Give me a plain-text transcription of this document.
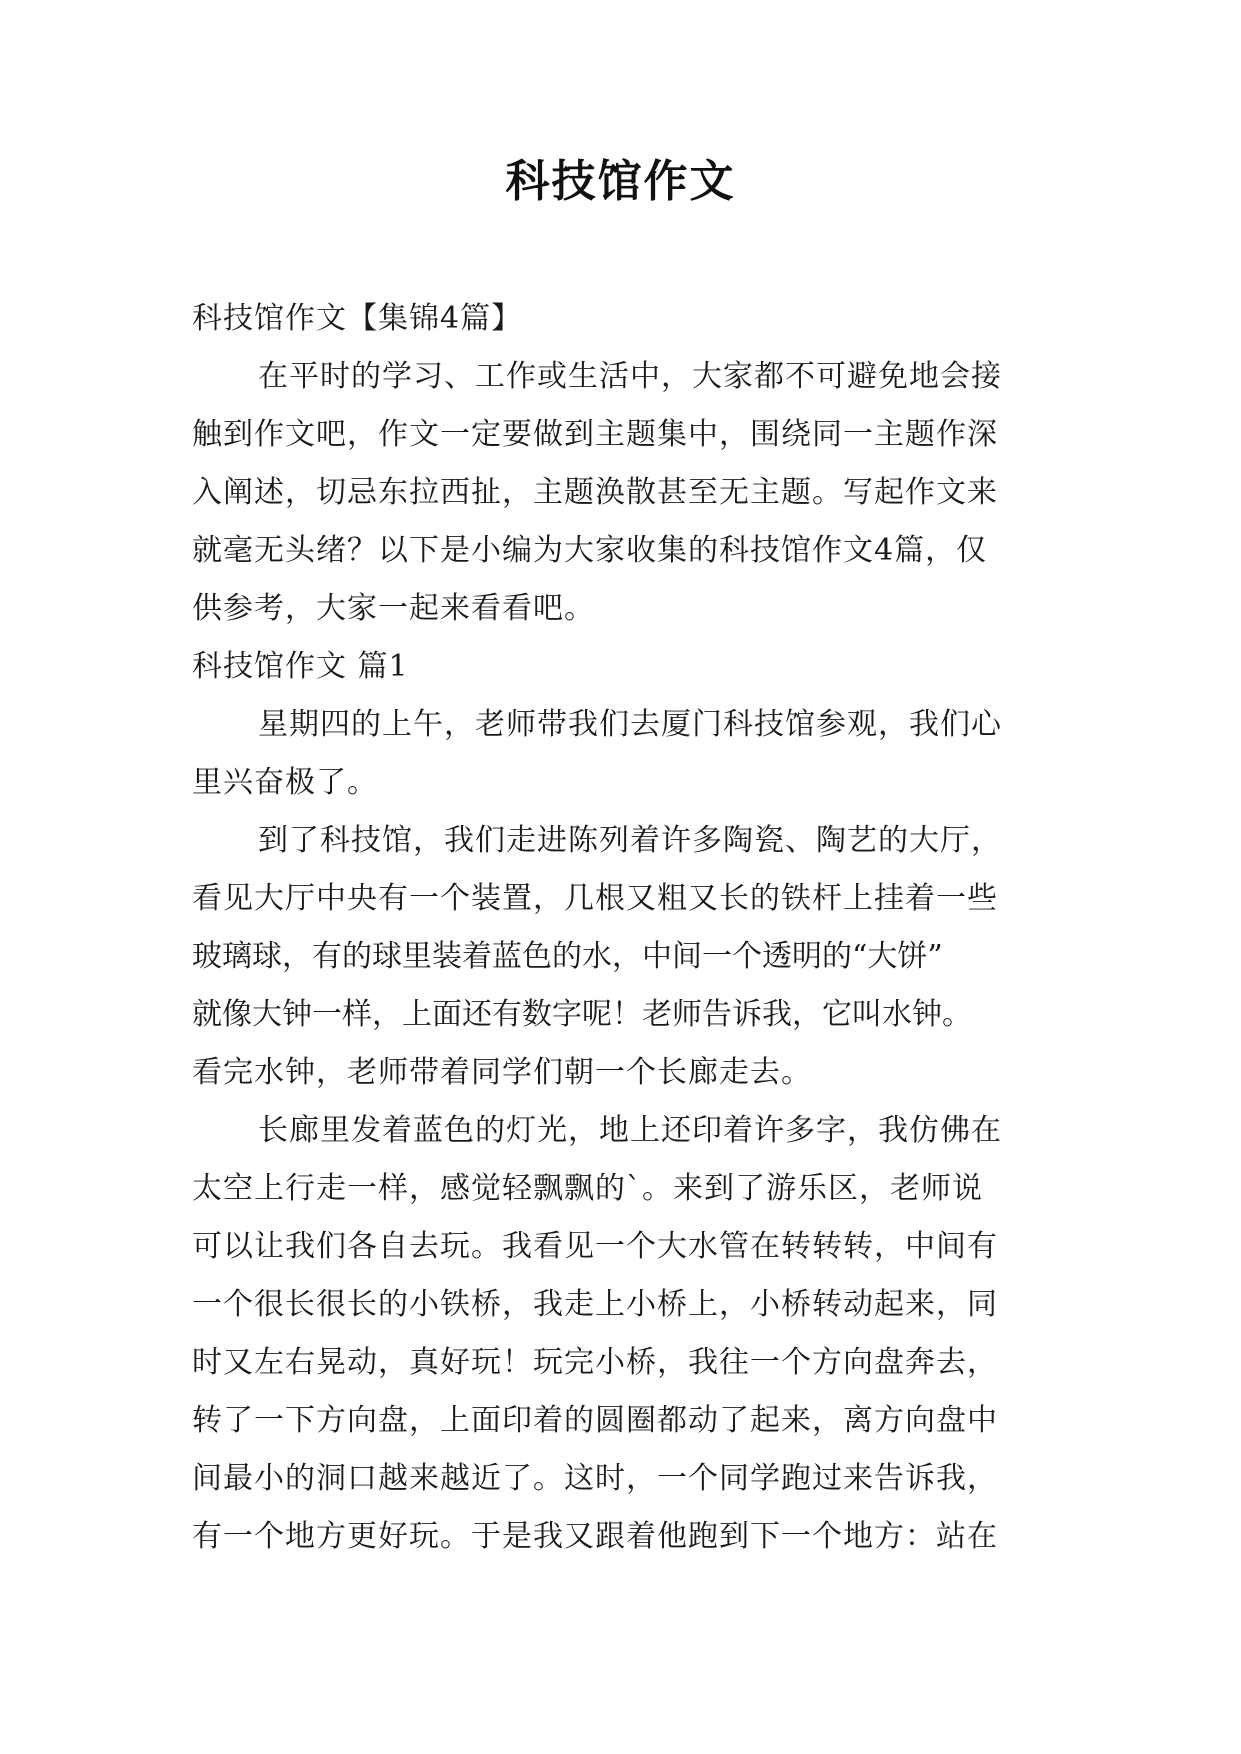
科技馆作文
科技馆作文【集锦4篇】
在平时的学习、工作或生活中，大家都不可避免地会接
触到作文吧，作文一定要做到主题集中，围绕同一主题作深
入阐述，切忌东拉西扯，主题涣散甚至无主题。写起作文来
就毫无头绪？以下是小编为大家收集的科技馆作文4篇，仅
供参考，大家一起来看看吧。
科技馆作文 篇1
星期四的上午，老师带我们去厦门科技馆参观，我们心
里兴奋极了。
到了科技馆，我们走进陈列着许多陶瓷、陶艺的大厅，
看见大厅中央有一个装置，几根又粗又长的铁杆上挂着一些
玻璃球，有的球里装着蓝色的水，中间一个透明的“大饼”
就像大钟一样，上面还有数字呢！老师告诉我，它叫水钟。
看完水钟，老师带着同学们朝一个长廊走去。
长廊里发着蓝色的灯光，地上还印着许多字，我仿佛在
太空上行走一样，感觉轻飘飘的`。来到了游乐区，老师说
可以让我们各自去玩。我看见一个大水管在转转转，中间有
一个很长很长的小铁桥，我走上小桥上，小桥转动起来，同
时又左右晃动，真好玩！玩完小桥，我往一个方向盘奔去，
转了一下方向盘，上面印着的圆圈都动了起来，离方向盘中
间最小的洞口越来越近了。这时，一个同学跑过来告诉我，
有一个地方更好玩。于是我又跟着他跑到下一个地方：站在
